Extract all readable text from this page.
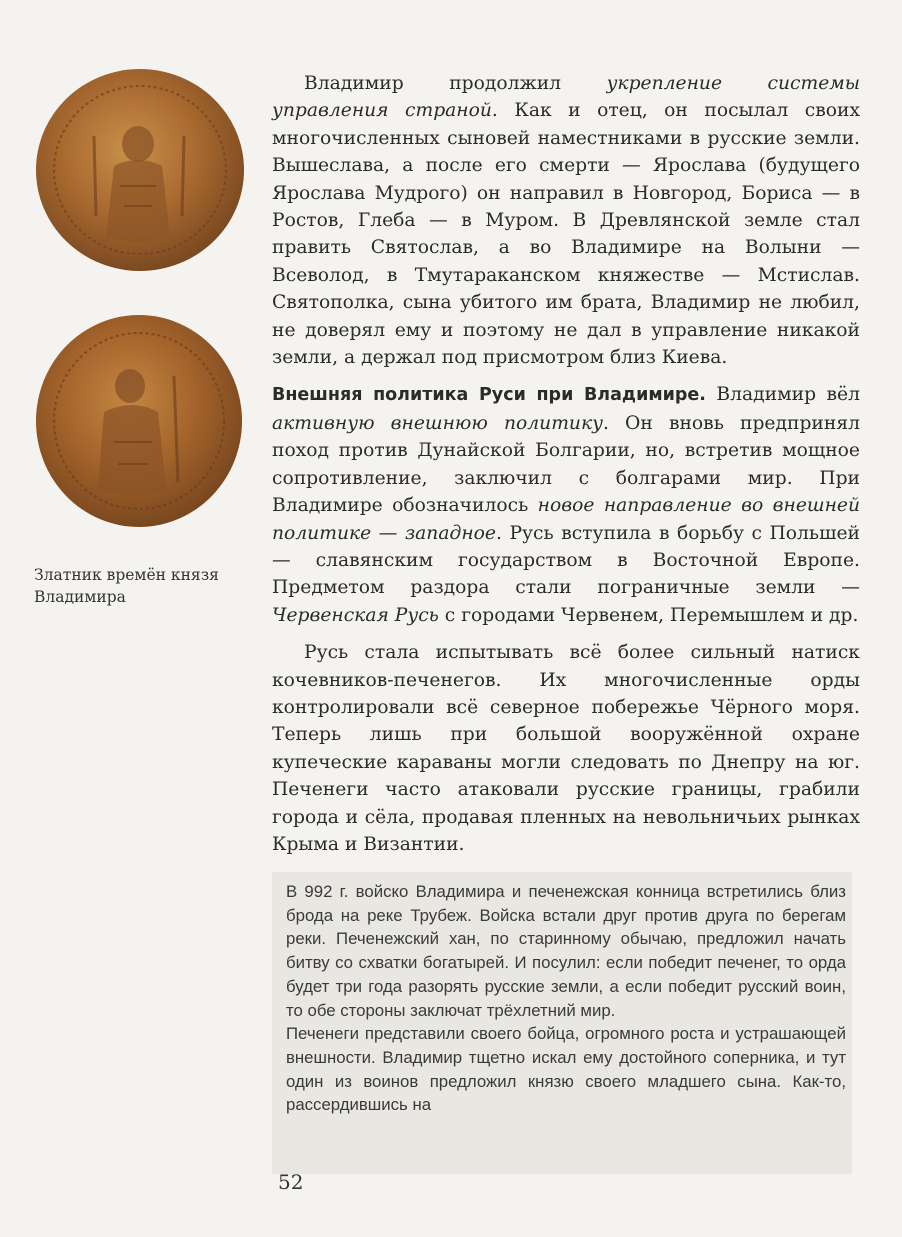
Златник времён князя Владимира

Владимир продолжил укрепление системы управления страной. Как и отец, он посылал своих многочисленных сыновей наместниками в русские земли. Вышеслава, а после его смерти — Ярослава (будущего Ярослава Мудрого) он направил в Новгород, Бориса — в Ростов, Глеба — в Муром. В Древлянской земле стал править Святослав, а во Владимире на Волыни — Всеволод, в Тмутараканском княжестве — Мстислав. Святополка, сына убитого им брата, Владимир не любил, не доверял ему и поэтому не дал в управление никакой земли, а держал под присмотром близ Киева.

Внешняя политика Руси при Владимире. Владимир вёл активную внешнюю политику. Он вновь предпринял поход против Дунайской Болгарии, но, встретив мощное сопротивление, заключил с болгарами мир. При Владимире обозначилось новое направление во внешней политике — западное. Русь вступила в борьбу с Польшей — славянским государством в Восточной Европе. Предметом раздора стали пограничные земли — Червенская Русь с городами Червенем, Перемышлем и др.

Русь стала испытывать всё более сильный натиск кочевников-печенегов. Их многочисленные орды контролировали всё северное побережье Чёрного моря. Теперь лишь при большой вооружённой охране купеческие караваны могли следовать по Днепру на юг. Печенеги часто атаковали русские границы, грабили города и сёла, продавая пленных на невольничьих рынках Крыма и Византии.

В 992 г. войско Владимира и печенежская конница встретились близ брода на реке Трубеж. Войска встали друг против друга по берегам реки. Печенежский хан, по старинному обычаю, предложил начать битву со схватки богатырей. И посулил: если победит печенег, то орда будет три года разорять русские земли, а если победит русский воин, то обе стороны заключат трёхлетний мир.

Печенеги представили своего бойца, огромного роста и устрашающей внешности. Владимир тщетно искал ему достойного соперника, и тут один из воинов предложил князю своего младшего сына. Как-то, рассердившись на

52
